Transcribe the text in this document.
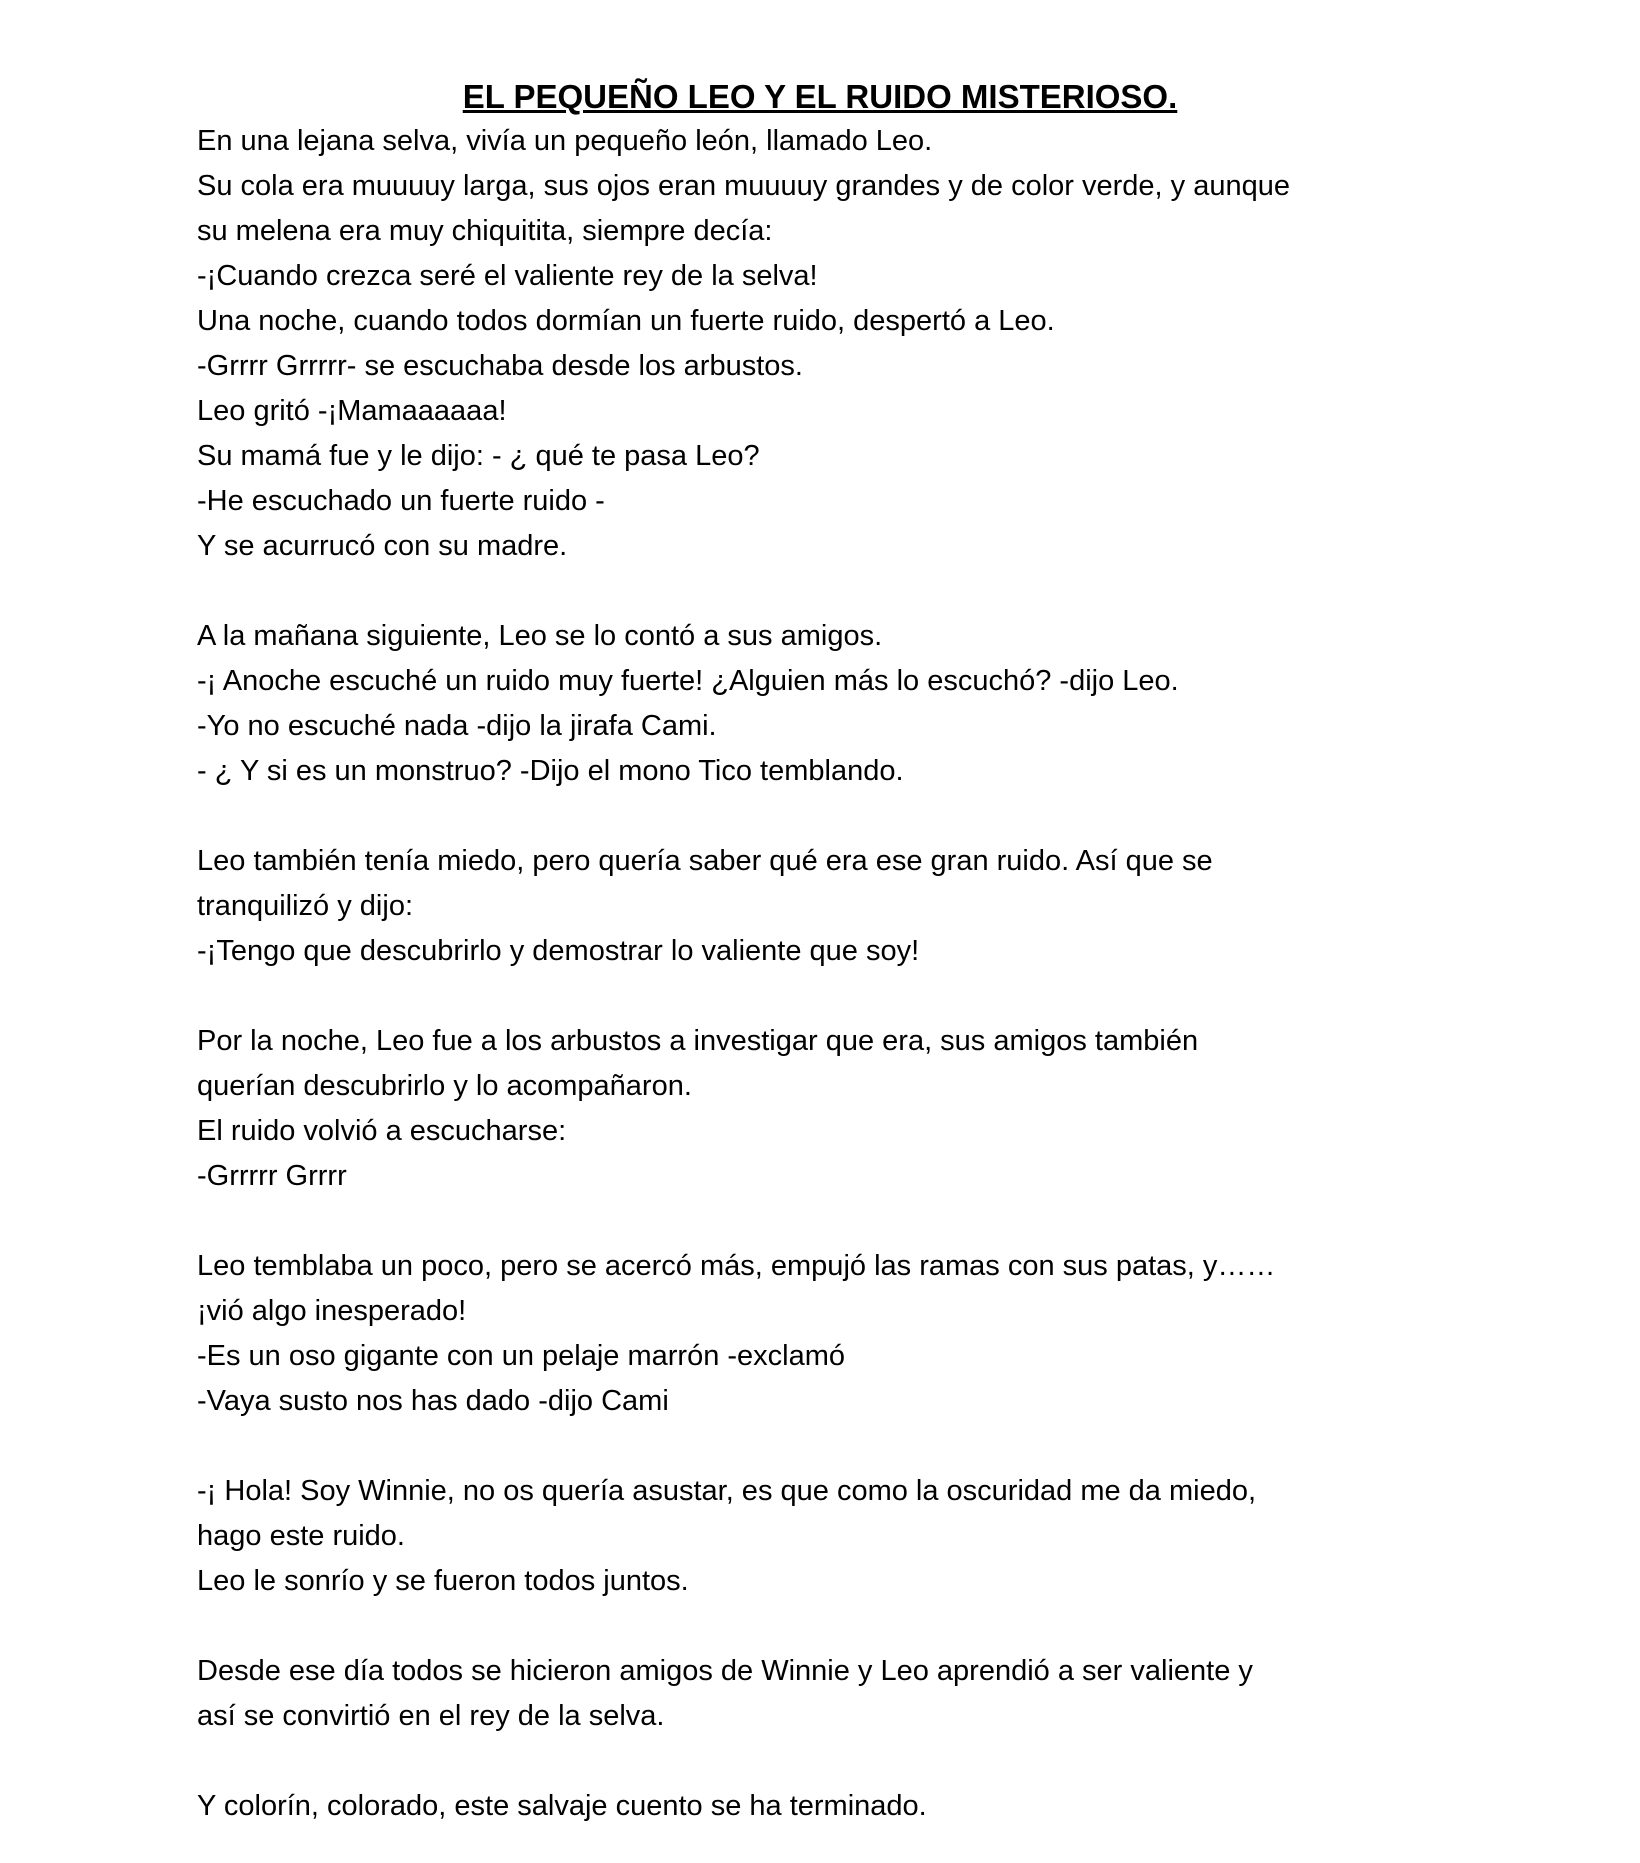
EL PEQUEÑO LEO Y EL RUIDO MISTERIOSO.
En una lejana selva, vivía un pequeño león, llamado Leo.
Su cola era muuuuy larga, sus ojos eran muuuuy grandes y de color verde, y aunque
su melena era muy chiquitita, siempre decía:
-¡Cuando crezca seré el valiente rey de la selva!
Una noche, cuando todos dormían un fuerte ruido, despertó a Leo.
-Grrrr Grrrrr- se escuchaba desde los arbustos.
Leo gritó -¡Mamaaaaaa!
Su mamá fue y le dijo: - ¿ qué te pasa Leo?
-He escuchado un fuerte ruido -
Y se acurrucó con su madre.

A la mañana siguiente, Leo se lo contó a sus amigos.
-¡ Anoche escuché un ruido muy fuerte! ¿Alguien más lo escuchó? -dijo Leo.
-Yo no escuché nada -dijo la jirafa Cami.
- ¿ Y si es un monstruo? -Dijo el mono Tico temblando.

Leo también tenía miedo, pero quería saber qué era ese gran ruido. Así que se
tranquilizó y dijo:
-¡Tengo que descubrirlo y demostrar lo valiente que soy!

Por la noche, Leo fue a los arbustos a investigar que era, sus amigos también
querían descubrirlo y lo acompañaron.
El ruido volvió a escucharse:
-Grrrrr Grrrr

Leo temblaba un poco, pero se acercó más, empujó las ramas con sus patas, y……
¡vió algo inesperado!
-Es un oso gigante con un pelaje marrón -exclamó
-Vaya susto nos has dado -dijo Cami

-¡ Hola! Soy Winnie, no os quería asustar, es que como la oscuridad me da miedo,
hago este ruido.
Leo le sonrío y se fueron todos juntos.

Desde ese día todos se hicieron amigos de Winnie y Leo aprendió a ser valiente y
así se convirtió en el rey de la selva.

Y colorín, colorado, este salvaje cuento se ha terminado.
